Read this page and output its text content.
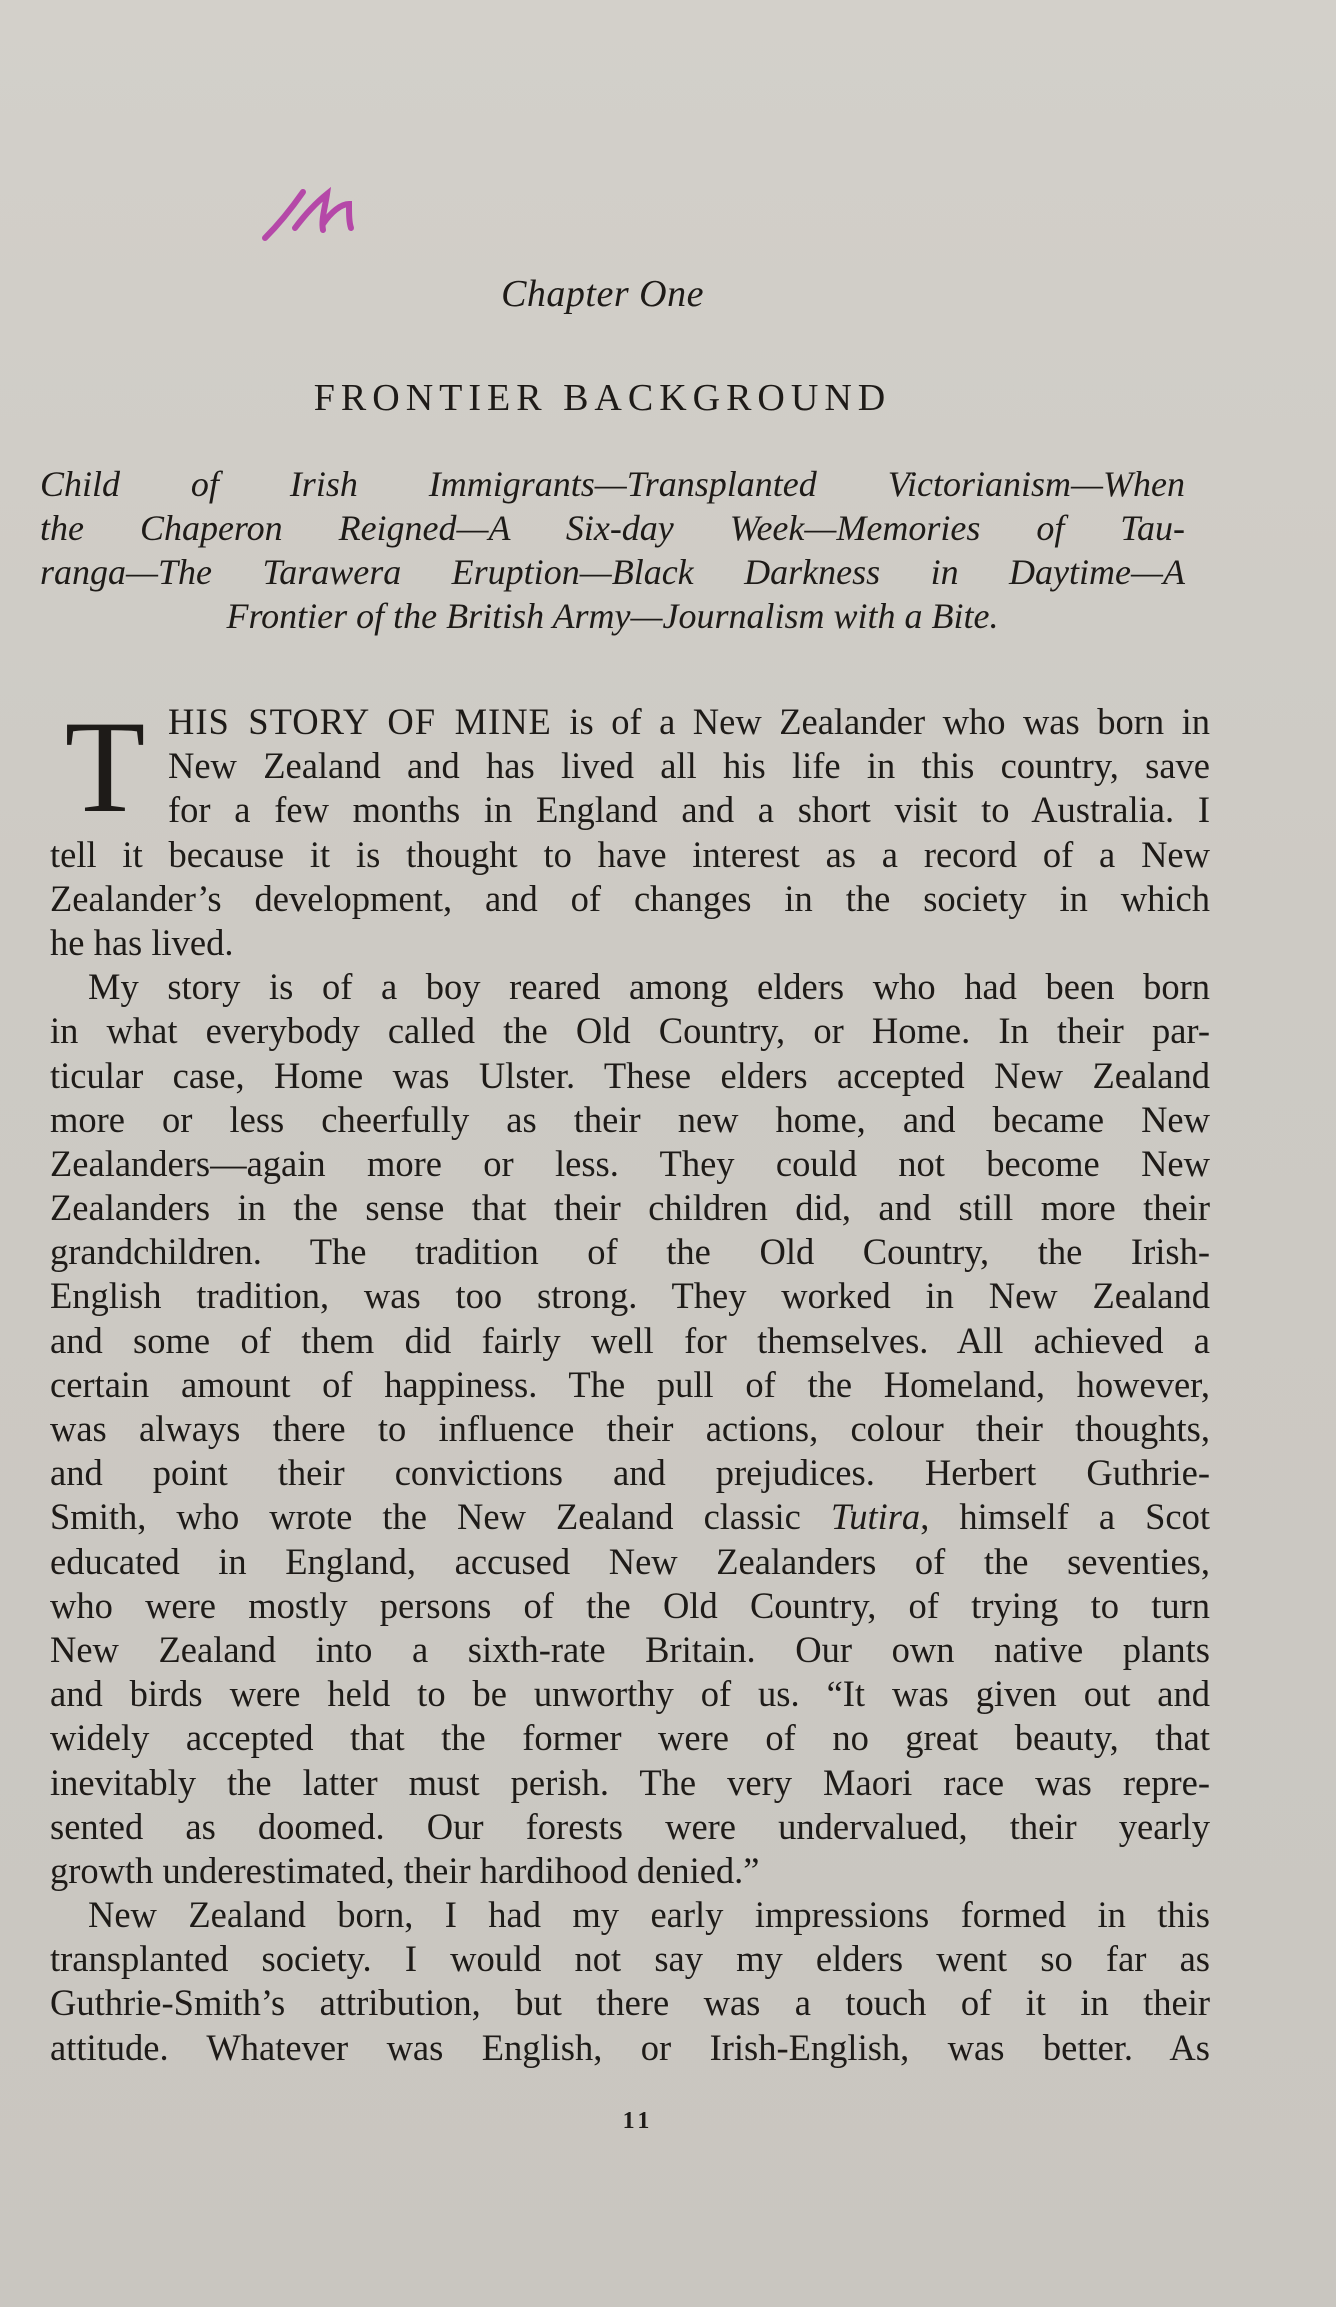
Chapter One
FRONTIER BACKGROUND
Child of Irish Immigrants—Transplanted Victorianism—When
the Chaperon Reigned—A Six-day Week—Memories of Tau-
ranga—The Tarawera Eruption—Black Darkness in Daytime—A
Frontier of the British Army—Journalism with a Bite.
T HIS STORY OF MINE is of a New Zealander who was born in
New Zealand and has lived all his life in this country, save
for a few months in England and a short visit to Australia. I
tell it because it is thought to have interest as a record of a New
Zealander’s development, and of changes in the society in which
he has lived.
My story is of a boy reared among elders who had been born
in what everybody called the Old Country, or Home. In their par-
ticular case, Home was Ulster. These elders accepted New Zealand
more or less cheerfully as their new home, and became New
Zealanders—again more or less. They could not become New
Zealanders in the sense that their children did, and still more their
grandchildren. The tradition of the Old Country, the Irish-
English tradition, was too strong. They worked in New Zealand
and some of them did fairly well for themselves. All achieved a
certain amount of happiness. The pull of the Homeland, however,
was always there to influence their actions, colour their thoughts,
and point their convictions and prejudices. Herbert Guthrie-
Smith, who wrote the New Zealand classic Tutira, himself a Scot
educated in England, accused New Zealanders of the seventies,
who were mostly persons of the Old Country, of trying to turn
New Zealand into a sixth-rate Britain. Our own native plants
and birds were held to be unworthy of us. “It was given out and
widely accepted that the former were of no great beauty, that
inevitably the latter must perish. The very Maori race was repre-
sented as doomed. Our forests were undervalued, their yearly
growth underestimated, their hardihood denied.”
New Zealand born, I had my early impressions formed in this
transplanted society. I would not say my elders went so far as
Guthrie-Smith’s attribution, but there was a touch of it in their
attitude. Whatever was English, or Irish-English, was better. As
11
